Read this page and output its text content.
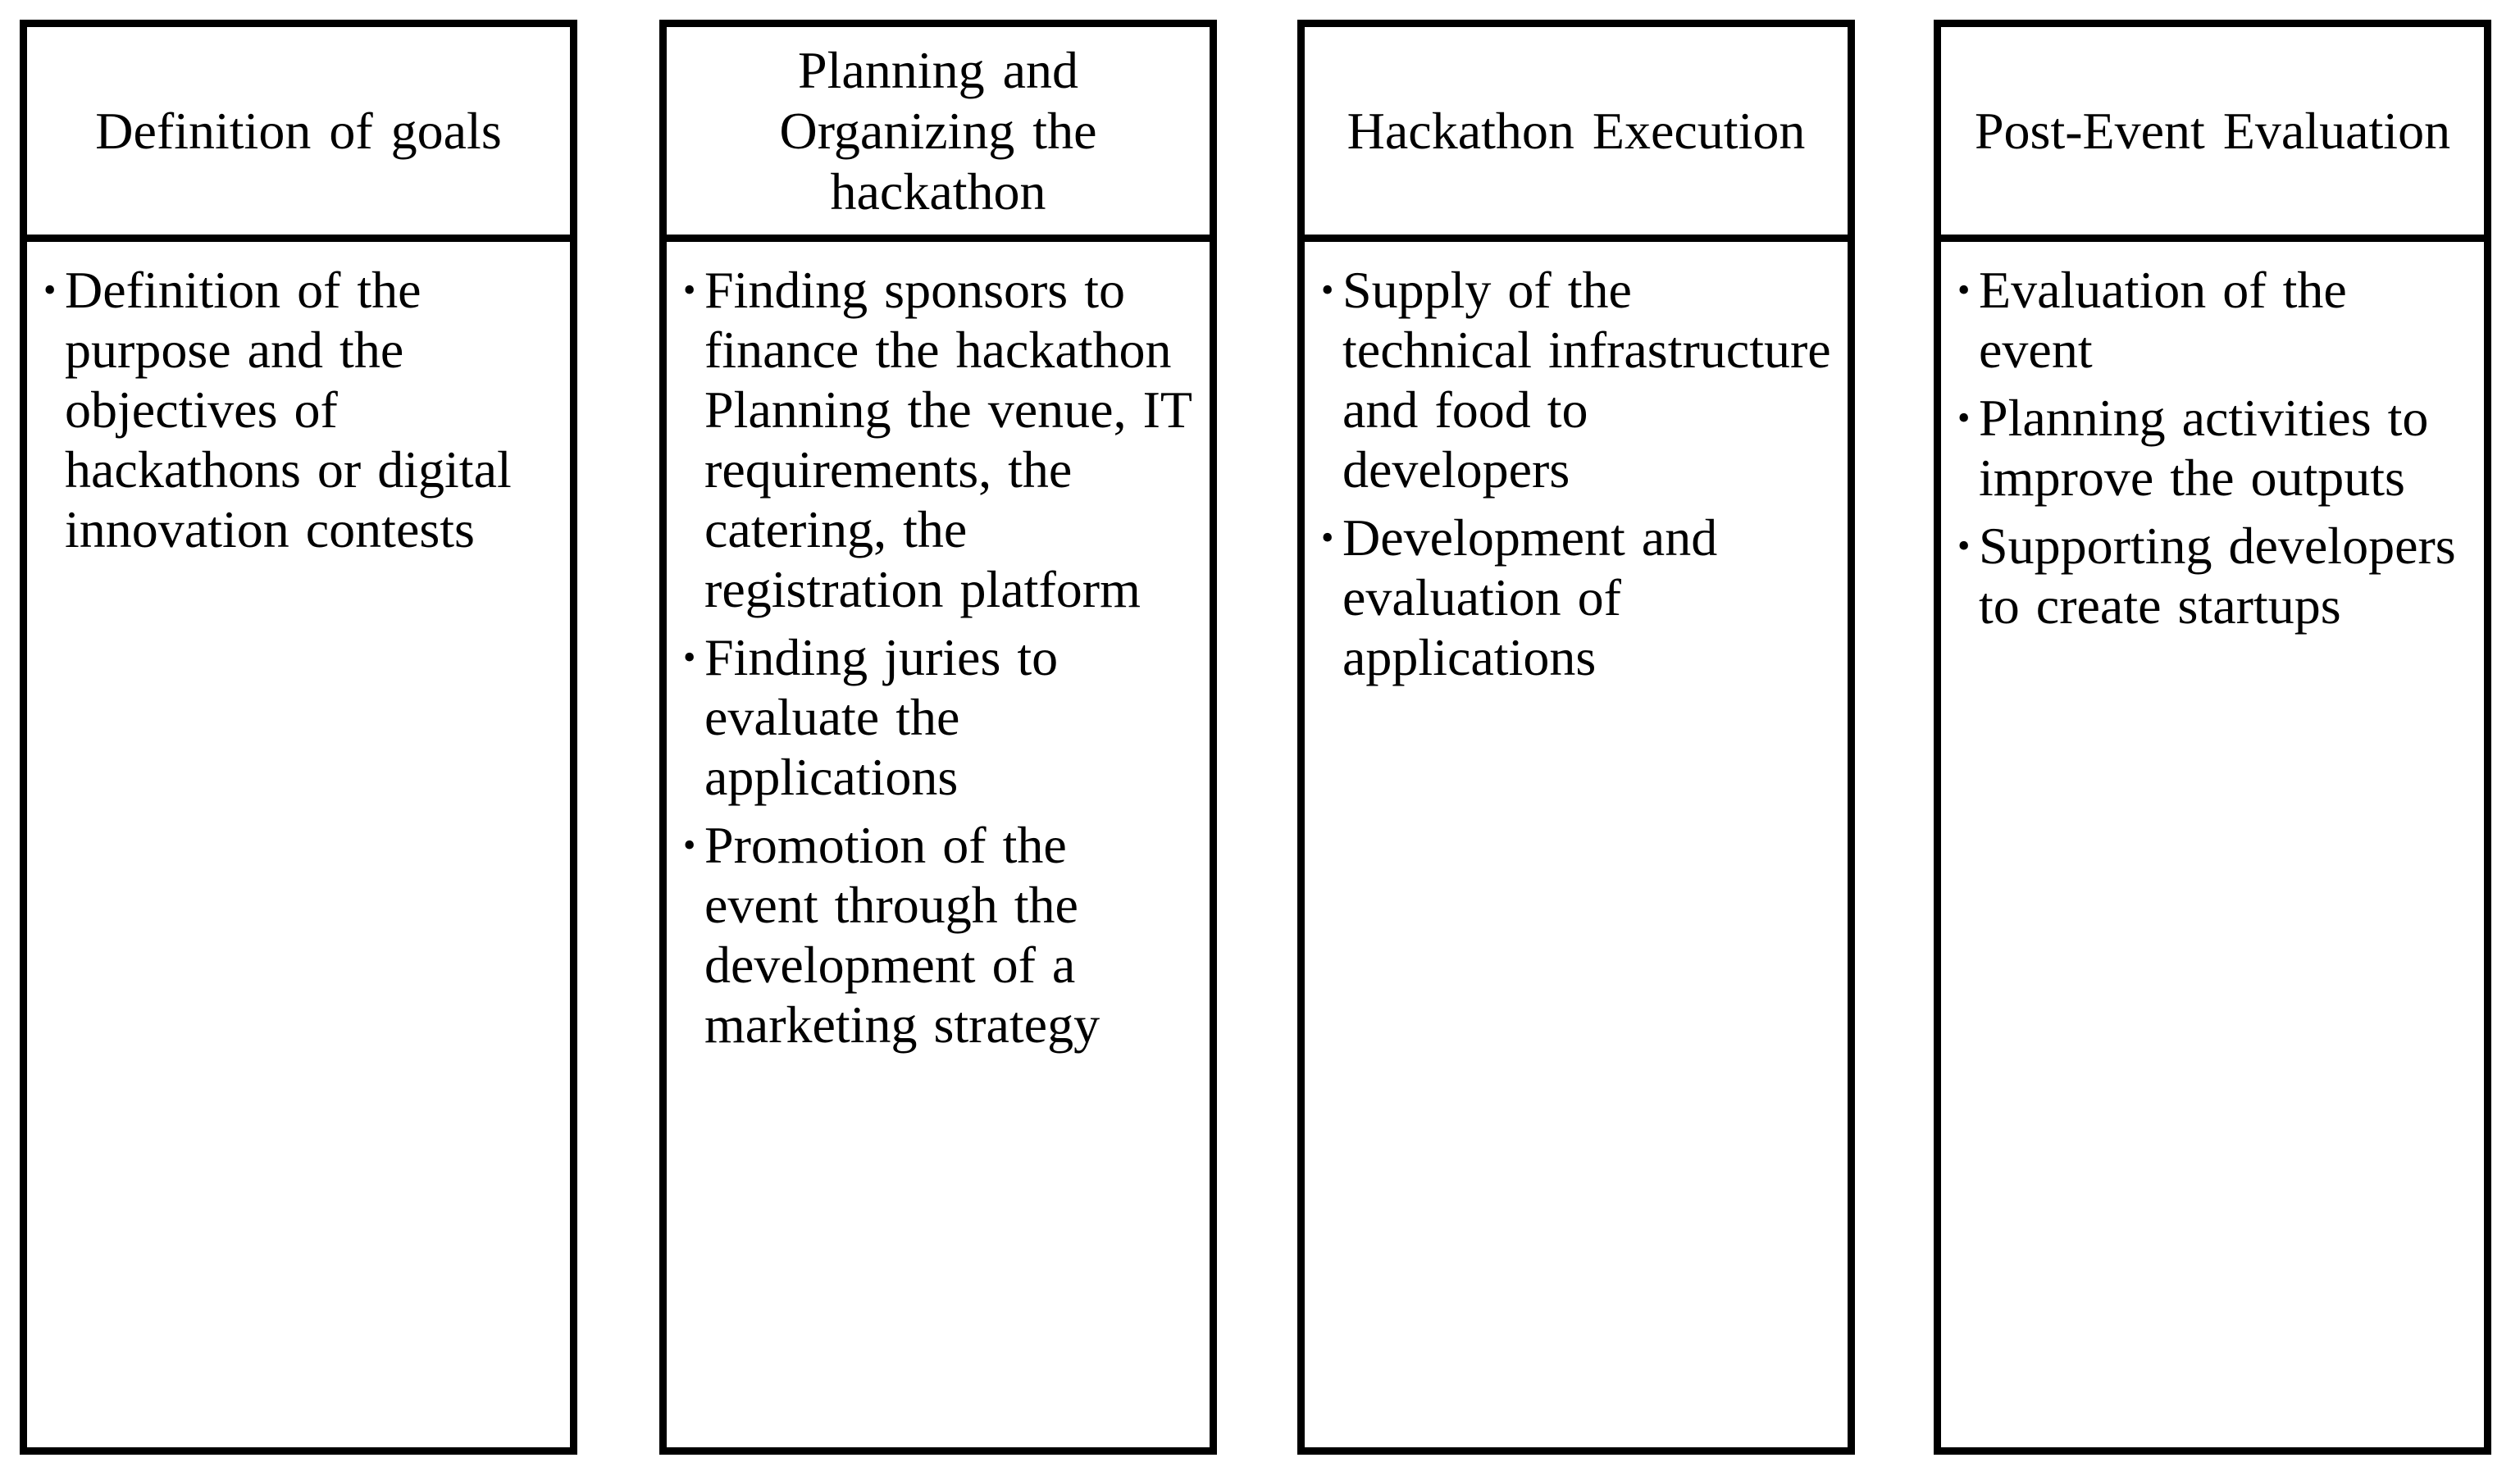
Definition of goals
• Definition of the purpose and the objectives of hackathons or digital innovation contests
Planning and Organizing the hackathon
• Finding sponsors to finance the hackathon Planning the venue, IT requirements, the catering, the registration platform
• Finding juries to evaluate the applications
• Promotion of the event through the development of a marketing strategy
Hackathon Execution
• Supply of the technical infrastructure and food to developers
• Development and evaluation of applications
Post-Event Evaluation
• Evaluation of the event
• Planning activities to improve the outputs
• Supporting developers to create startups
